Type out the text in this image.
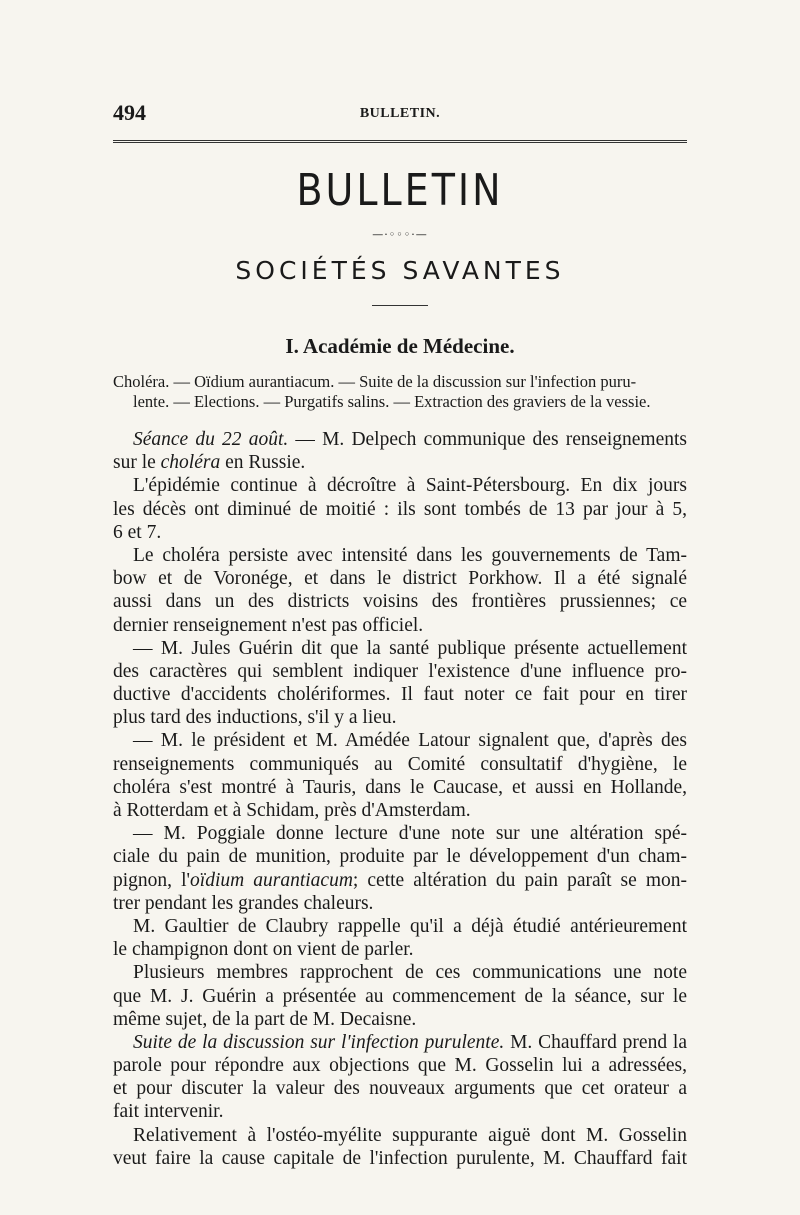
494	BULLETIN.
BULLETIN
—·◦◦◦·—
SOCIÉTÉS SAVANTES
I. Académie de Médecine.
Choléra. — Oïdium aurantiacum. — Suite de la discussion sur l'infection puru-
lente. — Elections. — Purgatifs salins. — Extraction des graviers de la vessie.
Séance du 22 août. — M. Delpech communique des renseignements
sur le choléra en Russie.
L'épidémie continue à décroître à Saint-Pétersbourg. En dix jours
les décès ont diminué de moitié : ils sont tombés de 13 par jour à 5,
6 et 7.
Le choléra persiste avec intensité dans les gouvernements de Tam-
bow et de Voronége, et dans le district Porkhow. Il a été signalé
aussi dans un des districts voisins des frontières prussiennes; ce
dernier renseignement n'est pas officiel.
— M. Jules Guérin dit que la santé publique présente actuellement
des caractères qui semblent indiquer l'existence d'une influence pro-
ductive d'accidents cholériformes. Il faut noter ce fait pour en tirer
plus tard des inductions, s'il y a lieu.
— M. le président et M. Amédée Latour signalent que, d'après des
renseignements communiqués au Comité consultatif d'hygiène, le
choléra s'est montré à Tauris, dans le Caucase, et aussi en Hollande,
à Rotterdam et à Schidam, près d'Amsterdam.
— M. Poggiale donne lecture d'une note sur une altération spé-
ciale du pain de munition, produite par le développement d'un cham-
pignon, l'oïdium aurantiacum; cette altération du pain paraît se mon-
trer pendant les grandes chaleurs.
M. Gaultier de Claubry rappelle qu'il a déjà étudié antérieurement
le champignon dont on vient de parler.
Plusieurs membres rapprochent de ces communications une note
que M. J. Guérin a présentée au commencement de la séance, sur le
même sujet, de la part de M. Decaisne.
Suite de la discussion sur l'infection purulente. M. Chauffard prend la
parole pour répondre aux objections que M. Gosselin lui a adressées,
et pour discuter la valeur des nouveaux arguments que cet orateur a
fait intervenir.
Relativement à l'ostéo-myélite suppurante aiguë dont M. Gosselin
veut faire la cause capitale de l'infection purulente, M. Chauffard fait
